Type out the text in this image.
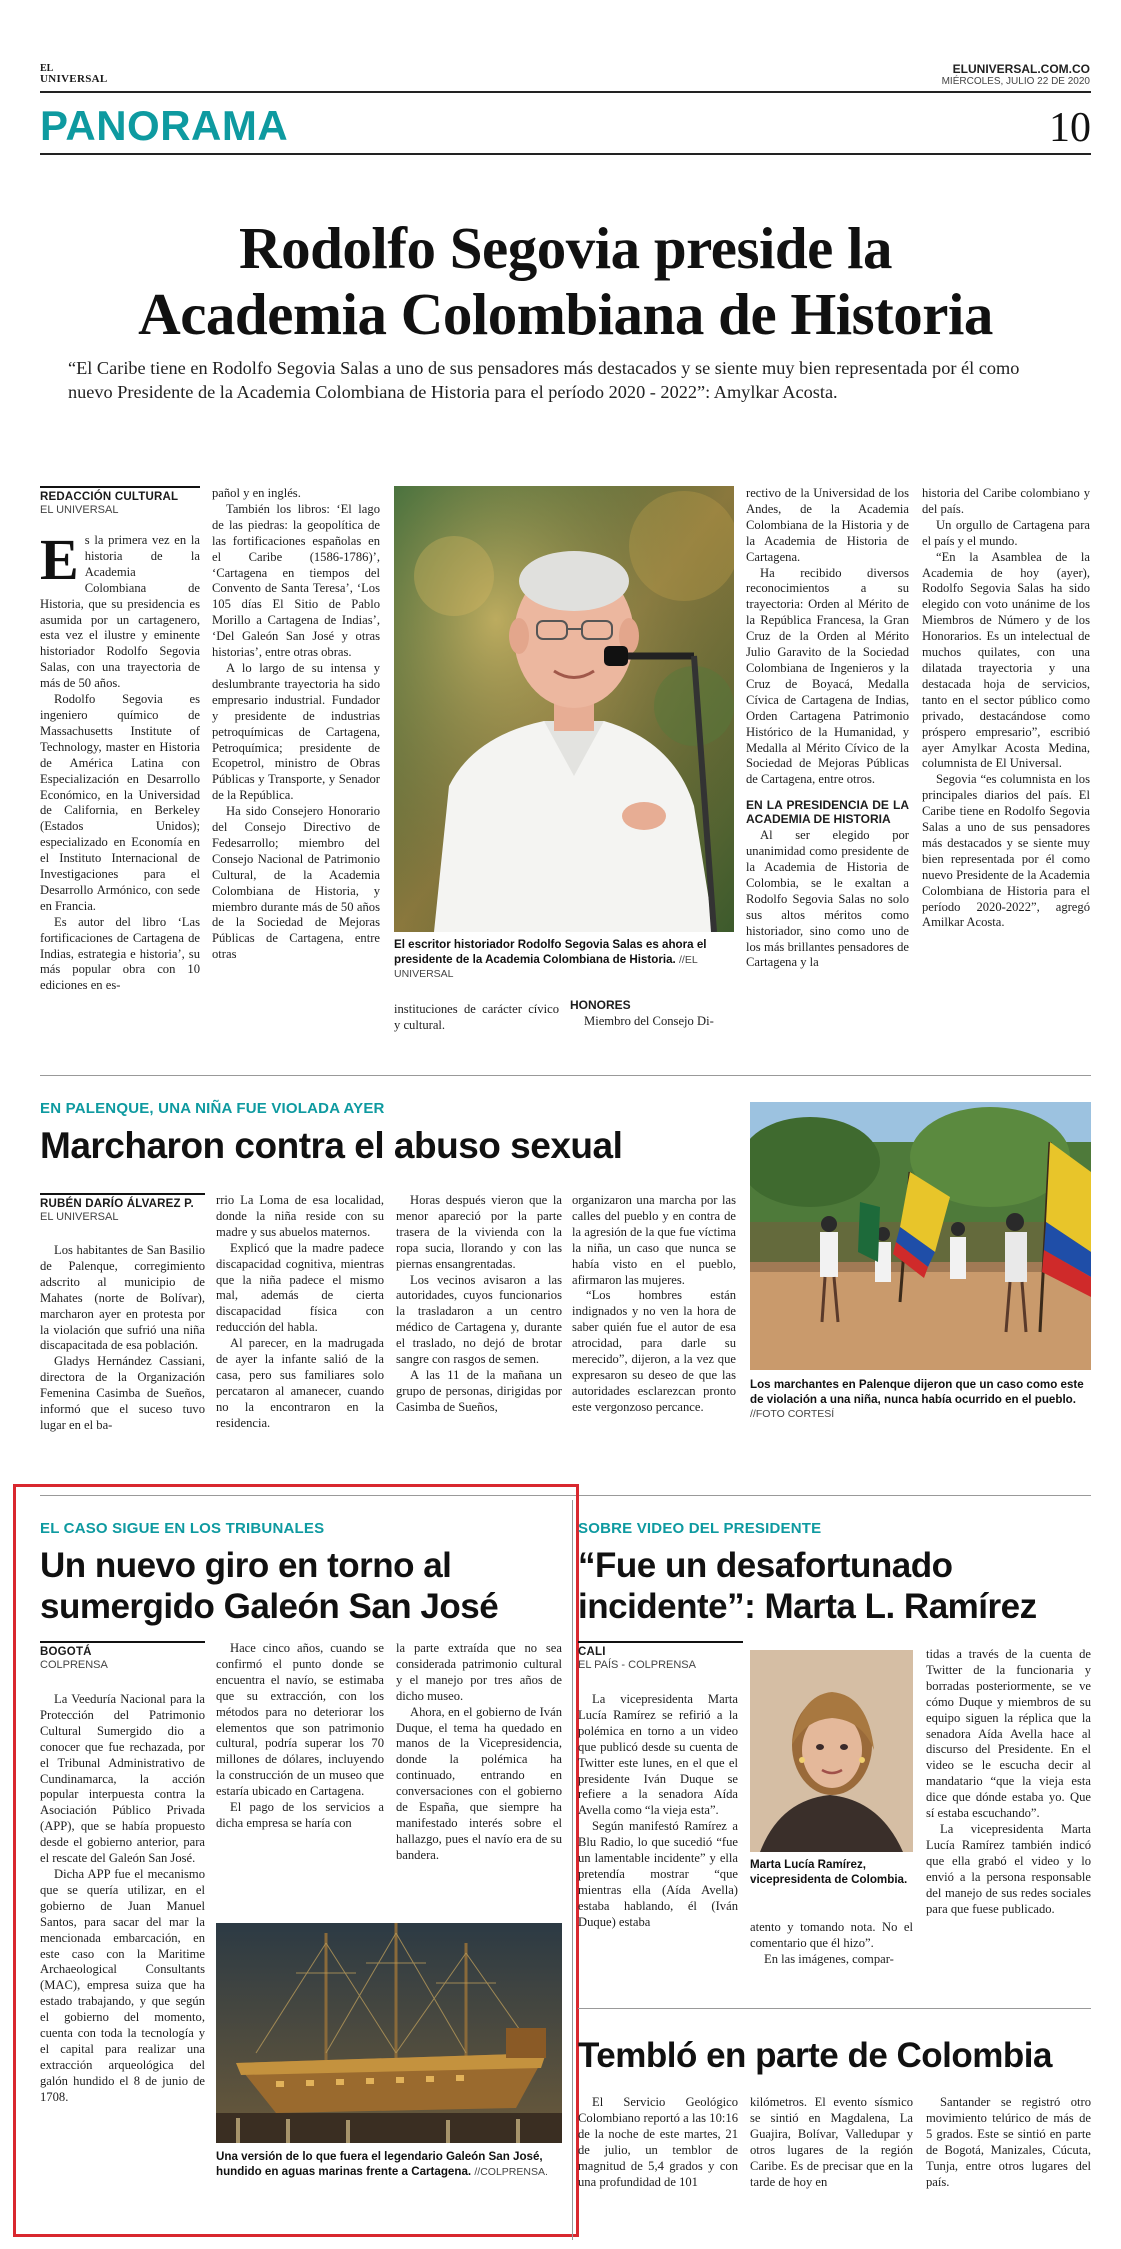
EL
UNIVERSAL
ELUNIVERSAL.COM.CO
MIÉRCOLES, JULIO 22 DE 2020
PANORAMA	10
Rodolfo Segovia preside la
Academia Colombiana de Historia
“El Caribe tiene en Rodolfo Segovia Salas a uno de sus pensadores más destacados y se siente muy bien representada por él como nuevo Presidente de la Academia Colombiana de Historia para el período 2020 - 2022”: Amylkar Acosta.
REDACCIÓN CULTURAL
EL UNIVERSAL

Es la primera vez en la historia de la Academia Colombiana de Historia, que su presidencia es asumida por un cartagenero, esta vez el ilustre y eminente historiador Rodolfo Segovia Salas, con una trayectoria de más de 50 años.

Rodolfo Segovia es ingeniero químico de Massachusetts Institute of Technology, master en Historia de América Latina con Especialización en Desarrollo Económico, en la Universidad de California, en Berkeley (Estados Unidos); especializado en Economía en el Instituto Internacional de Investigaciones para el Desarrollo Armónico, con sede en Francia.

Es autor del libro ‘Las fortificaciones de Cartagena de Indias, estrategia e historia’, su más popular obra con 10 ediciones en es-

pañol y en inglés.

También los libros: ‘El lago de las piedras: la geopolítica de las fortificaciones españolas en el Caribe (1586-1786)’, ‘Cartagena en tiempos del Convento de Santa Teresa’, ‘Los 105 días El Sitio de Pablo Morillo a Cartagena de Indias’, ‘Del Galeón San José y otras historias’, entre otras obras.

A lo largo de su intensa y deslumbrante trayectoria ha sido empresario industrial. Fundador y presidente de industrias petroquímicas de Cartagena, Petroquímica; presidente de Ecopetrol, ministro de Obras Públicas y Transporte, y Senador de la República.

Ha sido Consejero Honorario del Consejo Directivo de Fedesarrollo; miembro del Consejo Nacional de Patrimonio Cultural, de la Academia Colombiana de Historia, y miembro durante más de 50 años de la Sociedad de Mejoras Públicas de Cartagena, entre otras

El escritor historiador Rodolfo Segovia Salas es ahora el presidente de la Academia Colombiana de Historia. //EL UNIVERSAL

instituciones de carácter cívico y cultural.

HONORES

Miembro del Consejo Di-

rectivo de la Universidad de los Andes, de la Academia Colombiana de la Historia y de la Academia de Historia de Cartagena.

Ha recibido diversos reconocimientos a su trayectoria: Orden al Mérito de la República Francesa, la Gran Cruz de la Orden al Mérito Julio Garavito de la Sociedad Colombiana de Ingenieros y la Cruz de Boyacá, Medalla Cívica de Cartagena de Indias, Orden Cartagena Patrimonio Histórico de la Humanidad, y Medalla al Mérito Cívico de la Sociedad de Mejoras Públicas de Cartagena, entre otros.

EN LA PRESIDENCIA DE LA ACADEMIA DE HISTORIA

Al ser elegido por unanimidad como presidente de la Academia de Historia de Colombia, se le exaltan a Rodolfo Segovia Salas no solo sus altos méritos como historiador, sino como uno de los más brillantes pensadores de Cartagena y la

historia del Caribe colombiano y del país.

Un orgullo de Cartagena para el país y el mundo.

“En la Asamblea de la Academia de hoy (ayer), Rodolfo Segovia Salas ha sido elegido con voto unánime de los Miembros de Número y de los Honorarios. Es un intelectual de muchos quilates, con una dilatada trayectoria y una destacada hoja de servicios, tanto en el sector público como privado, destacándose como próspero empresario”, escribió ayer Amylkar Acosta Medina, columnista de El Universal.

Segovia “es columnista en los principales diarios del país. El Caribe tiene en Rodolfo Segovia Salas a uno de sus pensadores más destacados y se siente muy bien representada por él como nuevo Presidente de la Academia Colombiana de Historia para el período 2020-2022”, agregó Amilkar Acosta.

EN PALENQUE, UNA NIÑA FUE VIOLADA AYER
Marcharon contra el abuso sexual
RUBÉN DARÍO ÁLVAREZ P.
EL UNIVERSAL

Los habitantes de San Basilio de Palenque, corregimiento adscrito al municipio de Mahates (norte de Bolívar), marcharon ayer en protesta por la violación que sufrió una niña discapacitada de esa población.

Gladys Hernández Cassiani, directora de la Organización Femenina Casimba de Sueños, informó que el suceso tuvo lugar en el ba-

rrio La Loma de esa localidad, donde la niña reside con su madre y sus abuelos maternos.

Explicó que la madre padece discapacidad cognitiva, mientras que la niña padece el mismo mal, además de cierta discapacidad física con reducción del habla.

Al parecer, en la madrugada de ayer la infante salió de la casa, pero sus familiares solo percataron al amanecer, cuando no la encontraron en la residencia.

Horas después vieron que la menor apareció por la parte trasera de la vivienda con la ropa sucia, llorando y con las piernas ensangrentadas.

Los vecinos avisaron a las autoridades, cuyos funcionarios la trasladaron a un centro médico de Cartagena y, durante el traslado, no dejó de brotar sangre con rasgos de semen.

A las 11 de la mañana un grupo de personas, dirigidas por Casimba de Sueños,

organizaron una marcha por las calles del pueblo y en contra de la agresión de la que fue víctima la niña, un caso que nunca se había visto en el pueblo, afirmaron las mujeres.

“Los hombres están indignados y no ven la hora de saber quién fue el autor de esa atrocidad, para darle su merecido”, dijeron, a la vez que expresaron su deseo de que las autoridades esclarezcan pronto este vergonzoso percance.

Los marchantes en Palenque dijeron que un caso como este de violación a una niña, nunca había ocurrido en el pueblo.
//FOTO CORTESÍ
EL CASO SIGUE EN LOS TRIBUNALES
Un nuevo giro en torno al
sumergido Galeón San José
BOGOTÁ
COLPRENSA

La Veeduría Nacional para la Protección del Patrimonio Cultural Sumergido dio a conocer que fue rechazada, por el Tribunal Administrativo de Cundinamarca, la acción popular interpuesta contra la Asociación Público Privada (APP), que se había propuesto desde el gobierno anterior, para el rescate del Galeón San José.

Dicha APP fue el mecanismo que se quería utilizar, en el gobierno de Juan Manuel Santos, para sacar del mar la mencionada embarcación, en este caso con la Maritime Archaeological Consultants (MAC), empresa suiza que ha estado trabajando, y que según el gobierno del momento, cuenta con toda la tecnología y el capital para realizar una extracción arqueológica del galón hundido el 8 de junio de 1708.

Hace cinco años, cuando se confirmó el punto donde se encuentra el navío, se estimaba que su extracción, con los métodos para no deteriorar los elementos que son patrimonio cultural, podría superar los 70 millones de dólares, incluyendo la construcción de un museo que estaría ubicado en Cartagena.

El pago de los servicios a dicha empresa se haría con

la parte extraída que no sea considerada patrimonio cultural y el manejo por tres años de dicho museo.

Ahora, en el gobierno de Iván Duque, el tema ha quedado en manos de la Vicepresidencia, donde la polémica ha continuado, entrando en conversaciones con el gobierno de España, que siempre ha manifestado interés sobre el hallazgo, pues el navío era de su bandera.

Una versión de lo que fuera el legendario Galeón San José, hundido en aguas marinas frente a Cartagena. //COLPRENSA.
SOBRE VIDEO DEL PRESIDENTE
“Fue un desafortunado
incidente”: Marta L. Ramírez
CALI
EL PAÍS - COLPRENSA

La vicepresidenta Marta Lucía Ramírez se refirió a la polémica en torno a un video que publicó desde su cuenta de Twitter este lunes, en el que el presidente Iván Duque se refiere a la senadora Aída Avella como “la vieja esta”.

Según manifestó Ramírez a Blu Radio, lo que sucedió “fue un lamentable incidente” y ella pretendía mostrar “que mientras ella (Aída Avella) estaba hablando, él (Iván Duque) estaba

Marta Lucía Ramírez, vicepresidenta de Colombia.

atento y tomando nota. No el comentario que él hizo”.

En las imágenes, compar-

tidas a través de la cuenta de Twitter de la funcionaria y borradas posteriormente, se ve cómo Duque y miembros de su equipo siguen la réplica que la senadora Aída Avella hace al discurso del Presidente. En el video se le escucha decir al mandatario “que la vieja esta dice que dónde estaba yo. Que sí estaba escuchando”.

La vicepresidenta Marta Lucía Ramírez también indicó que ella grabó el video y lo envió a la persona responsable del manejo de sus redes sociales para que fuese publicado.

Tembló en parte de Colombia

El Servicio Geológico Colombiano reportó a las 10:16 de la noche de este martes, 21 de julio, un temblor de magnitud de 5,4 grados y con una profundidad de 101

kilómetros. El evento sísmico se sintió en Magdalena, La Guajira, Bolívar, Valledupar y otros lugares de la región Caribe. Es de precisar que en la tarde de hoy en

Santander se registró otro movimiento telúrico de más de 5 grados. Este se sintió en parte de Bogotá, Manizales, Cúcuta, Tunja, entre otros lugares del país.
